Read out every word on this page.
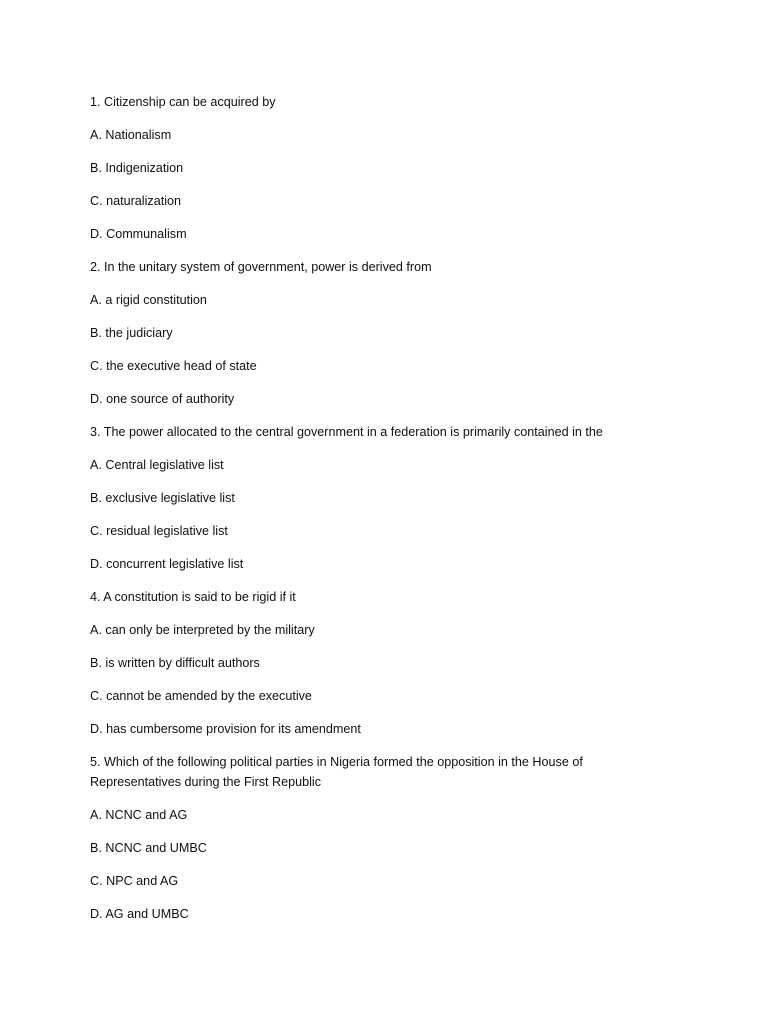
1. Citizenship can be acquired by

A. Nationalism

B. Indigenization

C. naturalization

D. Communalism

2. In the unitary system of government, power is derived from

A. a rigid constitution

B. the judiciary

C. the executive head of state

D. one source of authority

3. The power allocated to the central government in a federation is primarily contained in the

A. Central legislative list

B. exclusive legislative list

C. residual legislative list

D. concurrent legislative list

4. A constitution is said to be rigid if it

A. can only be interpreted by the military

B. is written by difficult authors

C. cannot be amended by the executive

D. has cumbersome provision for its amendment

5. Which of the following political parties in Nigeria formed the opposition in the House of Representatives during the First Republic

A. NCNC and AG

B. NCNC and UMBC

C. NPC and AG

D. AG and UMBC
